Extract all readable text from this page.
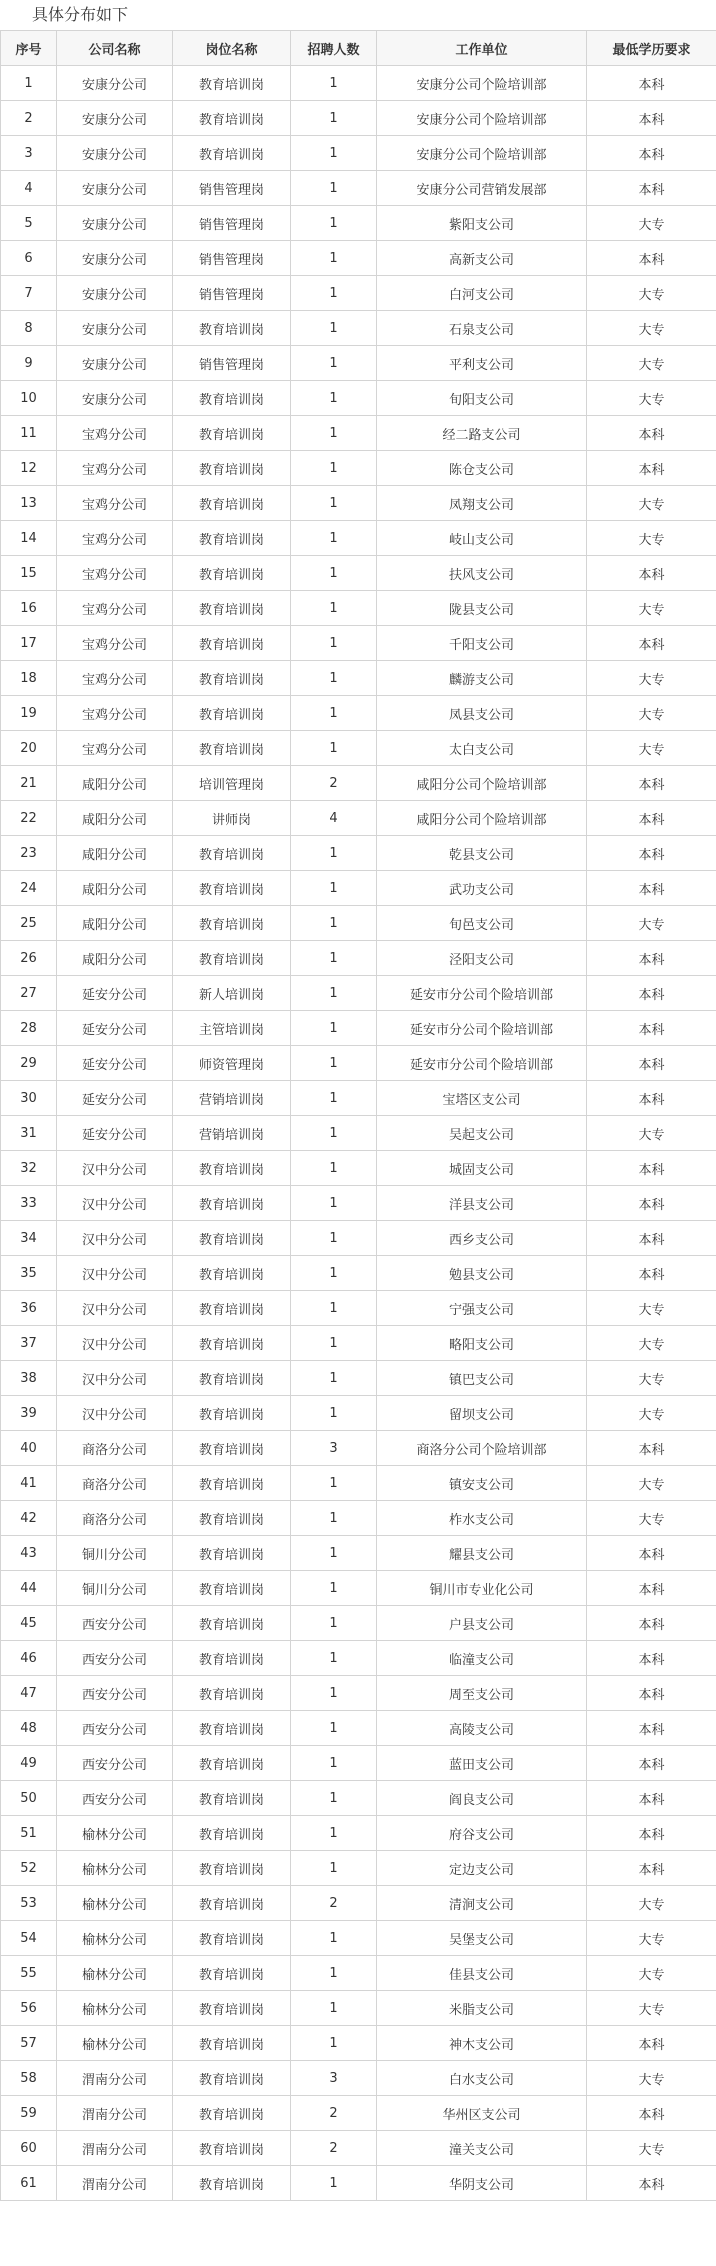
具体分布如下
序号	公司名称	岗位名称	招聘人数	工作单位	最低学历要求
1	安康分公司	教育培训岗	1	安康分公司个险培训部	本科
2	安康分公司	教育培训岗	1	安康分公司个险培训部	本科
3	安康分公司	教育培训岗	1	安康分公司个险培训部	本科
4	安康分公司	销售管理岗	1	安康分公司营销发展部	本科
5	安康分公司	销售管理岗	1	紫阳支公司	大专
6	安康分公司	销售管理岗	1	高新支公司	本科
7	安康分公司	销售管理岗	1	白河支公司	大专
8	安康分公司	教育培训岗	1	石泉支公司	大专
9	安康分公司	销售管理岗	1	平利支公司	大专
10	安康分公司	教育培训岗	1	旬阳支公司	大专
11	宝鸡分公司	教育培训岗	1	经二路支公司	本科
12	宝鸡分公司	教育培训岗	1	陈仓支公司	本科
13	宝鸡分公司	教育培训岗	1	凤翔支公司	大专
14	宝鸡分公司	教育培训岗	1	岐山支公司	大专
15	宝鸡分公司	教育培训岗	1	扶风支公司	本科
16	宝鸡分公司	教育培训岗	1	陇县支公司	大专
17	宝鸡分公司	教育培训岗	1	千阳支公司	本科
18	宝鸡分公司	教育培训岗	1	麟游支公司	大专
19	宝鸡分公司	教育培训岗	1	凤县支公司	大专
20	宝鸡分公司	教育培训岗	1	太白支公司	大专
21	咸阳分公司	培训管理岗	2	咸阳分公司个险培训部	本科
22	咸阳分公司	讲师岗	4	咸阳分公司个险培训部	本科
23	咸阳分公司	教育培训岗	1	乾县支公司	本科
24	咸阳分公司	教育培训岗	1	武功支公司	本科
25	咸阳分公司	教育培训岗	1	旬邑支公司	大专
26	咸阳分公司	教育培训岗	1	泾阳支公司	本科
27	延安分公司	新人培训岗	1	延安市分公司个险培训部	本科
28	延安分公司	主管培训岗	1	延安市分公司个险培训部	本科
29	延安分公司	师资管理岗	1	延安市分公司个险培训部	本科
30	延安分公司	营销培训岗	1	宝塔区支公司	本科
31	延安分公司	营销培训岗	1	吴起支公司	大专
32	汉中分公司	教育培训岗	1	城固支公司	本科
33	汉中分公司	教育培训岗	1	洋县支公司	本科
34	汉中分公司	教育培训岗	1	西乡支公司	本科
35	汉中分公司	教育培训岗	1	勉县支公司	本科
36	汉中分公司	教育培训岗	1	宁强支公司	大专
37	汉中分公司	教育培训岗	1	略阳支公司	大专
38	汉中分公司	教育培训岗	1	镇巴支公司	大专
39	汉中分公司	教育培训岗	1	留坝支公司	大专
40	商洛分公司	教育培训岗	3	商洛分公司个险培训部	本科
41	商洛分公司	教育培训岗	1	镇安支公司	大专
42	商洛分公司	教育培训岗	1	柞水支公司	大专
43	铜川分公司	教育培训岗	1	耀县支公司	本科
44	铜川分公司	教育培训岗	1	铜川市专业化公司	本科
45	西安分公司	教育培训岗	1	户县支公司	本科
46	西安分公司	教育培训岗	1	临潼支公司	本科
47	西安分公司	教育培训岗	1	周至支公司	本科
48	西安分公司	教育培训岗	1	高陵支公司	本科
49	西安分公司	教育培训岗	1	蓝田支公司	本科
50	西安分公司	教育培训岗	1	阎良支公司	本科
51	榆林分公司	教育培训岗	1	府谷支公司	本科
52	榆林分公司	教育培训岗	1	定边支公司	本科
53	榆林分公司	教育培训岗	2	清涧支公司	大专
54	榆林分公司	教育培训岗	1	吴堡支公司	大专
55	榆林分公司	教育培训岗	1	佳县支公司	大专
56	榆林分公司	教育培训岗	1	米脂支公司	大专
57	榆林分公司	教育培训岗	1	神木支公司	本科
58	渭南分公司	教育培训岗	3	白水支公司	大专
59	渭南分公司	教育培训岗	2	华州区支公司	本科
60	渭南分公司	教育培训岗	2	潼关支公司	大专
61	渭南分公司	教育培训岗	1	华阴支公司	本科
